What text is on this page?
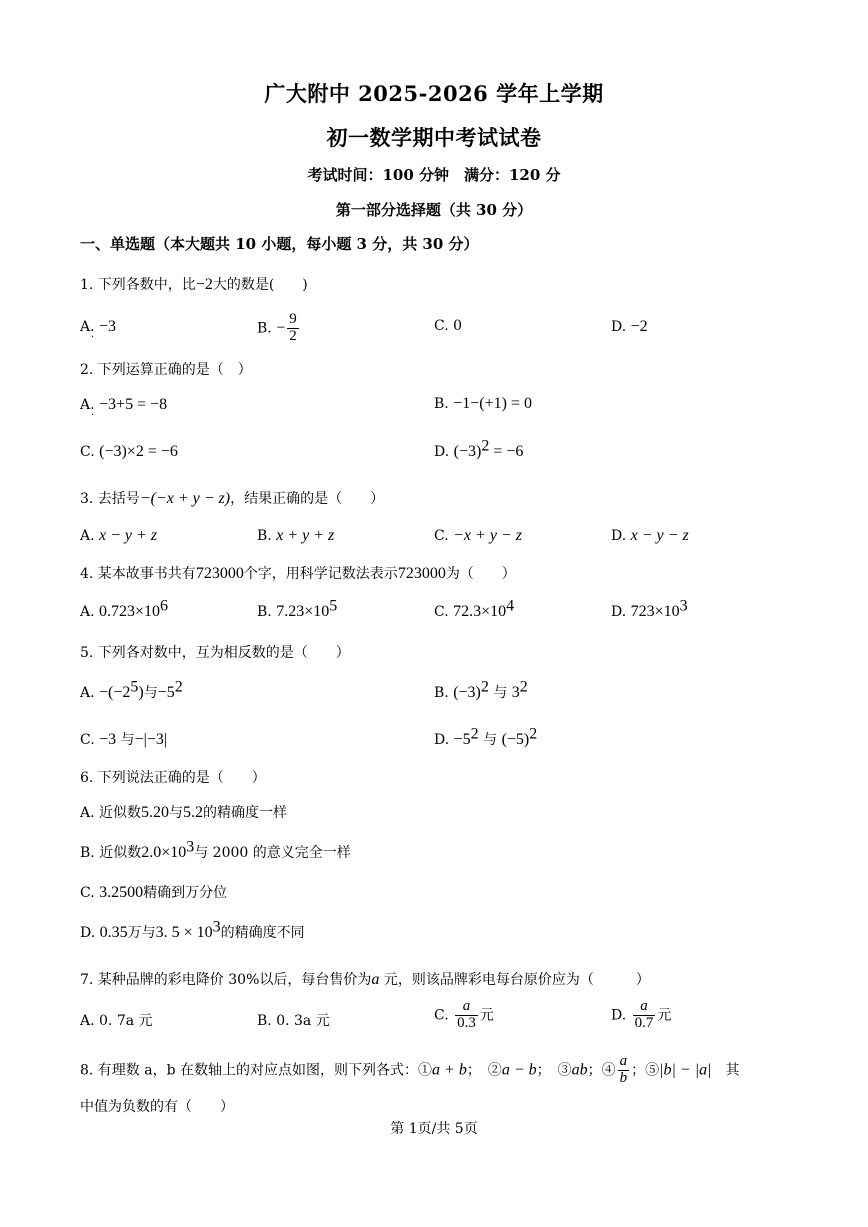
广大附中 2025-2026 学年上学期
初一数学期中考试试卷
考试时间：100 分钟　满分：120 分
第一部分选择题（共 30 分）
一、单选题（本大题共 10 小题，每小题 3 分，共 30 分）
1. 下列各数中，比−2大的数是(　　)
A. −3
·
B. − $\frac{9}{2}$	C. 0	D. −2
2. 下列运算正确的是（　）
A. −3+5 = −8
·
B. −1−(+1) = 0
C. (−3)×2 = −6	D. $(-3)^2 = -6$
3. 去括号−(−x + y − z)，结果正确的是（　　）
A. x − y + z	B. x + y + z	C. −x + y − z	D. x − y − z
4. 某本故事书共有723000个字，用科学记数法表示723000为（　　）
A. $0.723\times 10^6$	B. $7.23\times 10^5$	C. $72.3\times 10^4$	D. $723\times 10^3$
5. 下列各对数中，互为相反数的是（　　）
A. $-(-2^5)$与$-5^2$	B. $(-3)^2$ 与 $3^2$
C. −3 与−|−3|	D. $-5^2$ 与 $(-5)^2$
6. 下列说法正确的是（　　）
A. 近似数5.20与5.2的精确度一样
B. 近似数$2.0\times 10^3$与 2000 的意义完全一样
C. 3.2500精确到万分位
D. 0.35万与3. $5 \times 10^3$的精确度不同
7. 某种品牌的彩电降价 30%以后，每台售价为a 元，则该品牌彩电每台原价应为（　　　）
A. 0. 7a 元	B. 0. 3a 元	C. $\frac{a}{0.3}$ 元	D. $\frac{a}{0.7}$ 元
8. 有理数 a，b 在数轴上的对应点如图，则下列各式：①a + b；　②a − b；　③ab；④ $\frac{a}{b}$ ；⑤|b| − |a|　其
中值为负数的有（　　）
第 1页/共 5页
